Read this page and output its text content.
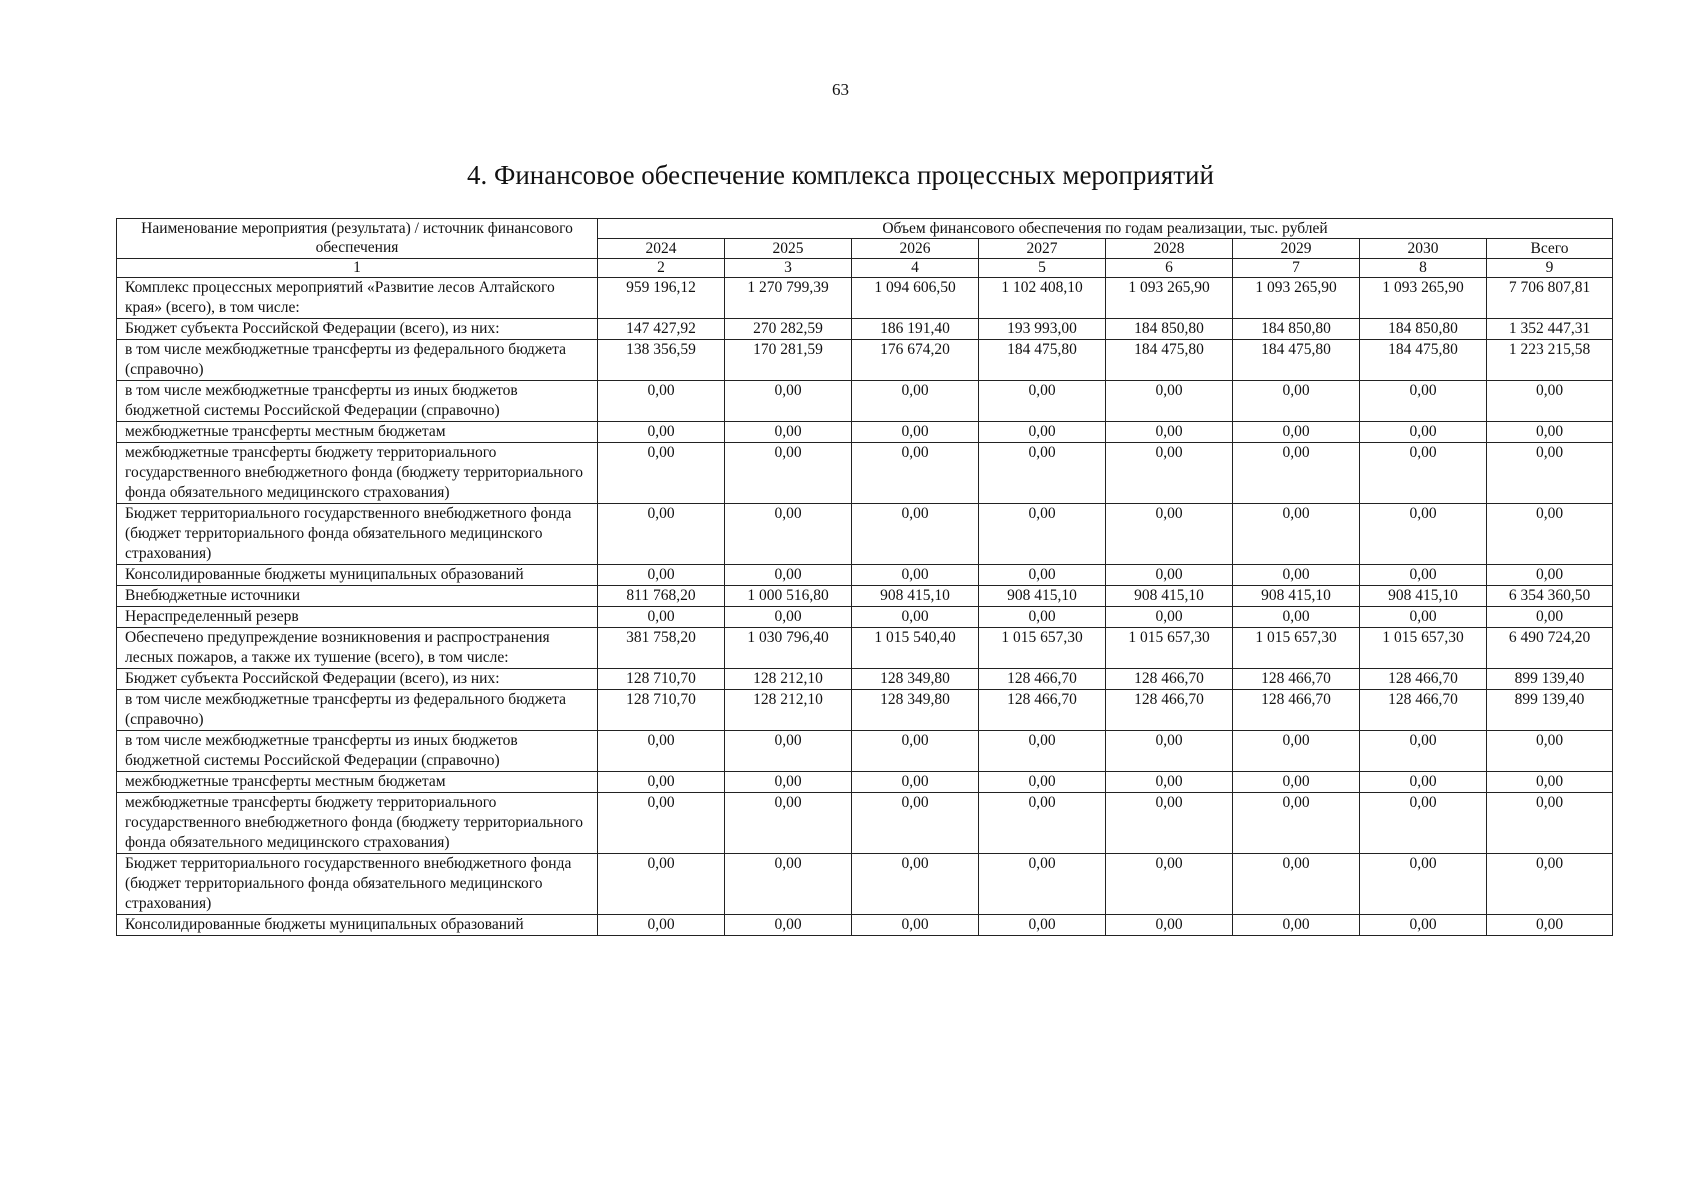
63
4. Финансовое обеспечение комплекса процессных мероприятий
Наименование мероприятия (результата) / источник финансового обеспечения	Объем финансового обеспечения по годам реализации, тыс. рублей							
	2024	2025	2026	2027	2028	2029	2030	Всего
1	2	3	4	5	6	7	8	9
Комплекс процессных мероприятий «Развитие лесов Алтайского края» (всего), в том числе:	959 196,12	1 270 799,39	1 094 606,50	1 102 408,10	1 093 265,90	1 093 265,90	1 093 265,90	7 706 807,81
Бюджет субъекта Российской Федерации (всего), из них:	147 427,92	270 282,59	186 191,40	193 993,00	184 850,80	184 850,80	184 850,80	1 352 447,31
в том числе межбюджетные трансферты из федерального бюджета (справочно)	138 356,59	170 281,59	176 674,20	184 475,80	184 475,80	184 475,80	184 475,80	1 223 215,58
в том числе межбюджетные трансферты из иных бюджетов бюджетной системы Российской Федерации (справочно)	0,00	0,00	0,00	0,00	0,00	0,00	0,00	0,00
межбюджетные трансферты местным бюджетам	0,00	0,00	0,00	0,00	0,00	0,00	0,00	0,00
межбюджетные трансферты бюджету территориального государственного внебюджетного фонда (бюджету территориального фонда обязательного медицинского страхования)	0,00	0,00	0,00	0,00	0,00	0,00	0,00	0,00
Бюджет территориального государственного внебюджетного фонда (бюджет территориального фонда обязательного медицинского страхования)	0,00	0,00	0,00	0,00	0,00	0,00	0,00	0,00
Консолидированные бюджеты муниципальных образований	0,00	0,00	0,00	0,00	0,00	0,00	0,00	0,00
Внебюджетные источники	811 768,20	1 000 516,80	908 415,10	908 415,10	908 415,10	908 415,10	908 415,10	6 354 360,50
Нераспределенный резерв	0,00	0,00	0,00	0,00	0,00	0,00	0,00	0,00
Обеспечено предупреждение возникновения и распространения лесных пожаров, а также их тушение (всего), в том числе:	381 758,20	1 030 796,40	1 015 540,40	1 015 657,30	1 015 657,30	1 015 657,30	1 015 657,30	6 490 724,20
Бюджет субъекта Российской Федерации (всего), из них:	128 710,70	128 212,10	128 349,80	128 466,70	128 466,70	128 466,70	128 466,70	899 139,40
в том числе межбюджетные трансферты из федерального бюджета (справочно)	128 710,70	128 212,10	128 349,80	128 466,70	128 466,70	128 466,70	128 466,70	899 139,40
в том числе межбюджетные трансферты из иных бюджетов бюджетной системы Российской Федерации (справочно)	0,00	0,00	0,00	0,00	0,00	0,00	0,00	0,00
межбюджетные трансферты местным бюджетам	0,00	0,00	0,00	0,00	0,00	0,00	0,00	0,00
межбюджетные трансферты бюджету территориального государственного внебюджетного фонда (бюджету территориального фонда обязательного медицинского страхования)	0,00	0,00	0,00	0,00	0,00	0,00	0,00	0,00
Бюджет территориального государственного внебюджетного фонда (бюджет территориального фонда обязательного медицинского страхования)	0,00	0,00	0,00	0,00	0,00	0,00	0,00	0,00
Консолидированные бюджеты муниципальных образований	0,00	0,00	0,00	0,00	0,00	0,00	0,00	0,00
